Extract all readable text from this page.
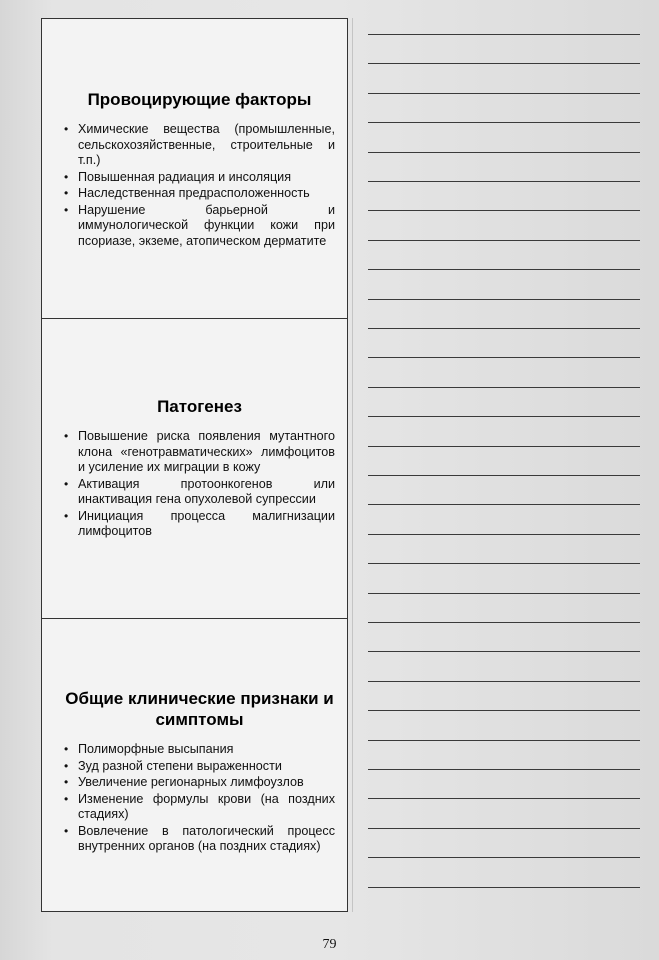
Провоцирующие факторы
• Химические вещества (промышленные, сельскохозяйственные, строительные и т.п.)
• Повышенная радиация и инсоляция
• Наследственная предрасположенность
• Нарушение барьерной и иммунологической функции кожи при псориазе, экземе, атопическом дерматите
Патогенез
• Повышение риска появления мутантного клона «генотравматических» лимфоцитов и усиление их миграции в кожу
• Активация протоонкогенов или инактивация гена опухолевой супрессии
• Инициация процесса малигнизации лимфоцитов
Общие клинические признаки и симптомы
• Полиморфные высыпания
• Зуд разной степени выраженности
• Увеличение регионарных лимфоузлов
• Изменение формулы крови (на поздних стадиях)
• Вовлечение в патологический процесс внутренних органов (на поздних стадиях)
79
